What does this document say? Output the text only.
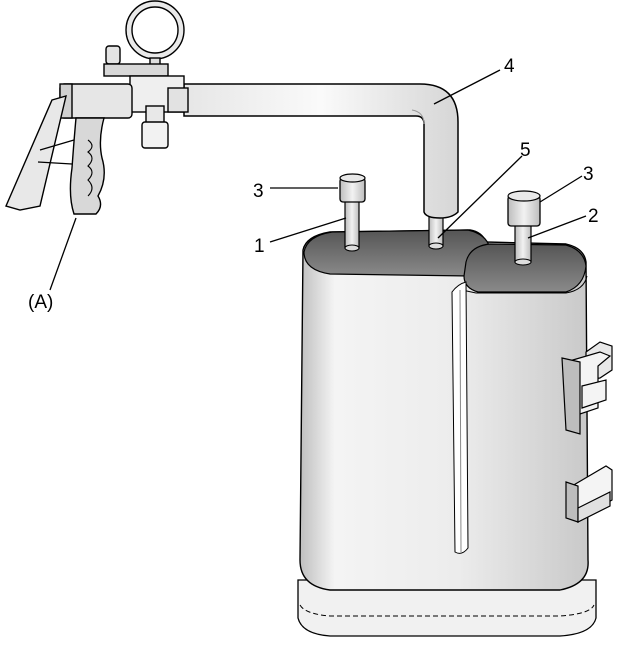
(A)
3
1
4
5
3
2
